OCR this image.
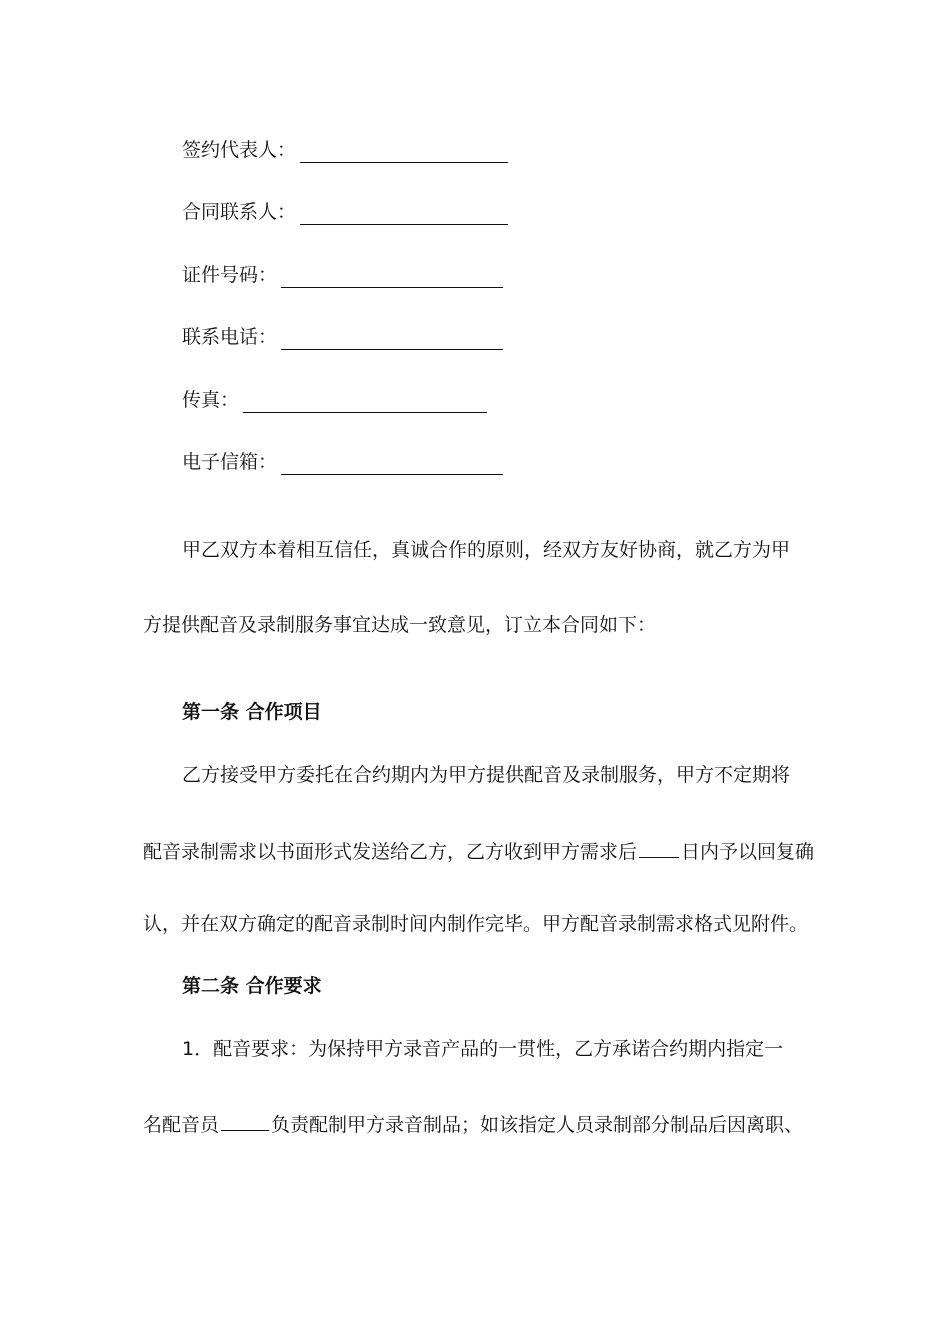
签约代表人：
合同联系人：
证件号码：
联系电话：
传真：
电子信箱：
甲乙双方本着相互信任，真诚合作的原则，经双方友好协商，就乙方为甲
方提供配音及录制服务事宜达成一致意见，订立本合同如下：
第一条 合作项目
乙方接受甲方委托在合约期内为甲方提供配音及录制服务，甲方不定期将
配音录制需求以书面形式发送给乙方，乙方收到甲方需求后 日内予以回复确
认，并在双方确定的配音录制时间内制作完毕。甲方配音录制需求格式见附件。
第二条 合作要求
1．配音要求：为保持甲方录音产品的一贯性，乙方承诺合约期内指定一
名配音员	负责配制甲方录音制品；如该指定人员录制部分制品后因离职、
